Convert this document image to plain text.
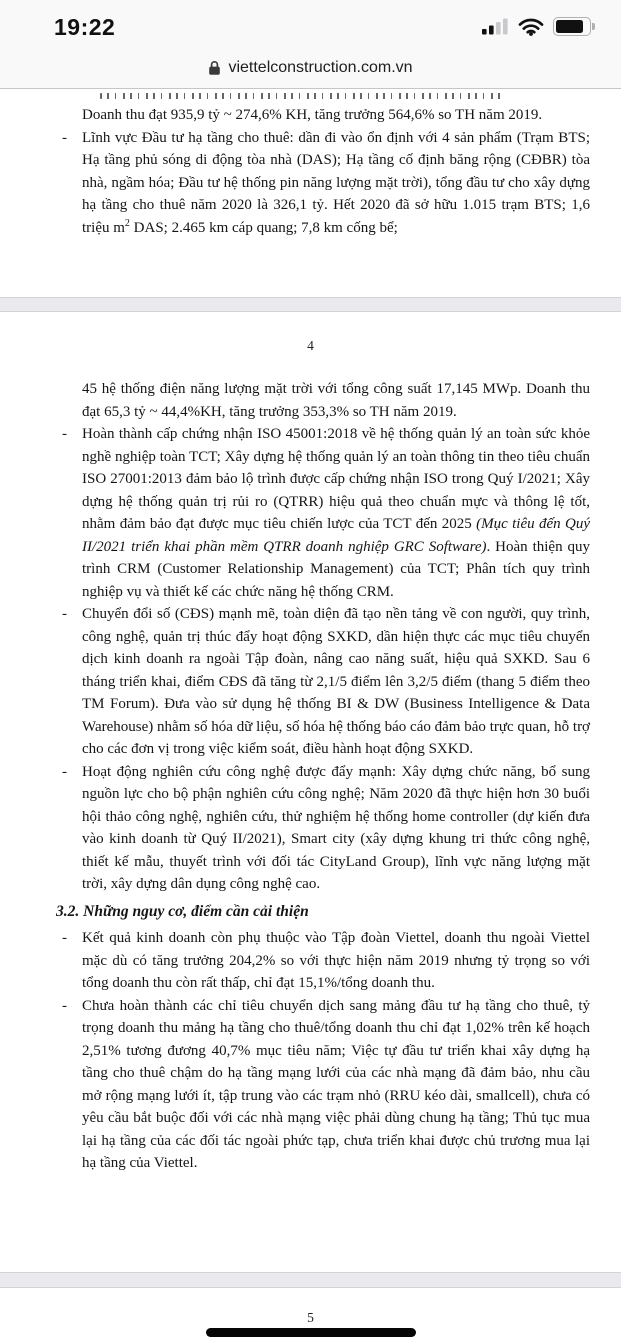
19:22
viettelconstruction.com.vn
Doanh thu đạt 935,9 tỷ ~ 274,6% KH, tăng trưởng 564,6% so TH năm 2019.
- Lĩnh vực Đầu tư hạ tầng cho thuê: dần đi vào ổn định với 4 sản phẩm (Trạm BTS; Hạ tầng phủ sóng di động tòa nhà (DAS); Hạ tầng cố định băng rộng (CĐBR) tòa nhà, ngầm hóa; Đầu tư hệ thống pin năng lượng mặt trời), tổng đầu tư cho xây dựng hạ tầng cho thuê năm 2020 là 326,1 tỷ. Hết 2020 đã sở hữu 1.015 trạm BTS; 1,6 triệu $m^2$ DAS; 2.465 km cáp quang; 7,8 km cống bể;
4
45 hệ thống điện năng lượng mặt trời với tổng công suất 17,145 MWp. Doanh thu đạt 65,3 tỷ ~ 44,4%KH, tăng trưởng 353,3% so TH năm 2019.
- Hoàn thành cấp chứng nhận ISO 45001:2018 về hệ thống quản lý an toàn sức khỏe nghề nghiệp toàn TCT; Xây dựng hệ thống quản lý an toàn thông tin theo tiêu chuẩn ISO 27001:2013 đảm bảo lộ trình được cấp chứng nhận ISO trong Quý I/2021; Xây dựng hệ thống quản trị rủi ro (QTRR) hiệu quả theo chuẩn mực và thông lệ tốt, nhằm đảm bảo đạt được mục tiêu chiến lược của TCT đến 2025 (Mục tiêu đến Quý II/2021 triển khai phần mềm QTRR doanh nghiệp GRC Software). Hoàn thiện quy trình CRM (Customer Relationship Management) của TCT; Phân tích quy trình nghiệp vụ và thiết kế các chức năng hệ thống CRM.
- Chuyển đổi số (CĐS) mạnh mẽ, toàn diện đã tạo nền tảng về con người, quy trình, công nghệ, quản trị thúc đẩy hoạt động SXKD, dần hiện thực các mục tiêu chuyển dịch kinh doanh ra ngoài Tập đoàn, nâng cao năng suất, hiệu quả SXKD. Sau 6 tháng triển khai, điểm CĐS đã tăng từ 2,1/5 điểm lên 3,2/5 điểm (thang 5 điểm theo TM Forum). Đưa vào sử dụng hệ thống BI & DW (Business Intelligence & Data Warehouse) nhằm số hóa dữ liệu, số hóa hệ thống báo cáo đảm bảo trực quan, hỗ trợ cho các đơn vị trong việc kiểm soát, điều hành hoạt động SXKD.
- Hoạt động nghiên cứu công nghệ được đẩy mạnh: Xây dựng chức năng, bổ sung nguồn lực cho bộ phận nghiên cứu công nghệ; Năm 2020 đã thực hiện hơn 30 buổi hội thảo công nghệ, nghiên cứu, thử nghiệm hệ thống home controller (dự kiến đưa vào kinh doanh từ Quý II/2021), Smart city (xây dựng khung tri thức công nghệ, thiết kế mẫu, thuyết trình với đối tác CityLand Group), lĩnh vực năng lượng mặt trời, xây dựng dân dụng công nghệ cao.
3.2. Những nguy cơ, điểm cần cải thiện
- Kết quả kinh doanh còn phụ thuộc vào Tập đoàn Viettel, doanh thu ngoài Viettel mặc dù có tăng trưởng 204,2% so với thực hiện năm 2019 nhưng tỷ trọng so với tổng doanh thu còn rất thấp, chỉ đạt 15,1%/tổng doanh thu.
- Chưa hoàn thành các chỉ tiêu chuyển dịch sang mảng đầu tư hạ tầng cho thuê, tỷ trọng doanh thu mảng hạ tầng cho thuê/tổng doanh thu chỉ đạt 1,02% trên kế hoạch 2,51% tương đương 40,7% mục tiêu năm; Việc tự đầu tư triển khai xây dựng hạ tầng cho thuê chậm do hạ tầng mạng lưới của các nhà mạng đã đảm bảo, nhu cầu mở rộng mạng lưới ít, tập trung vào các trạm nhỏ (RRU kéo dài, smallcell), chưa có yêu cầu bắt buộc đối với các nhà mạng việc phải dùng chung hạ tầng; Thủ tục mua lại hạ tầng của các đối tác ngoài phức tạp, chưa triển khai được chủ trương mua lại hạ tầng của Viettel.
5
